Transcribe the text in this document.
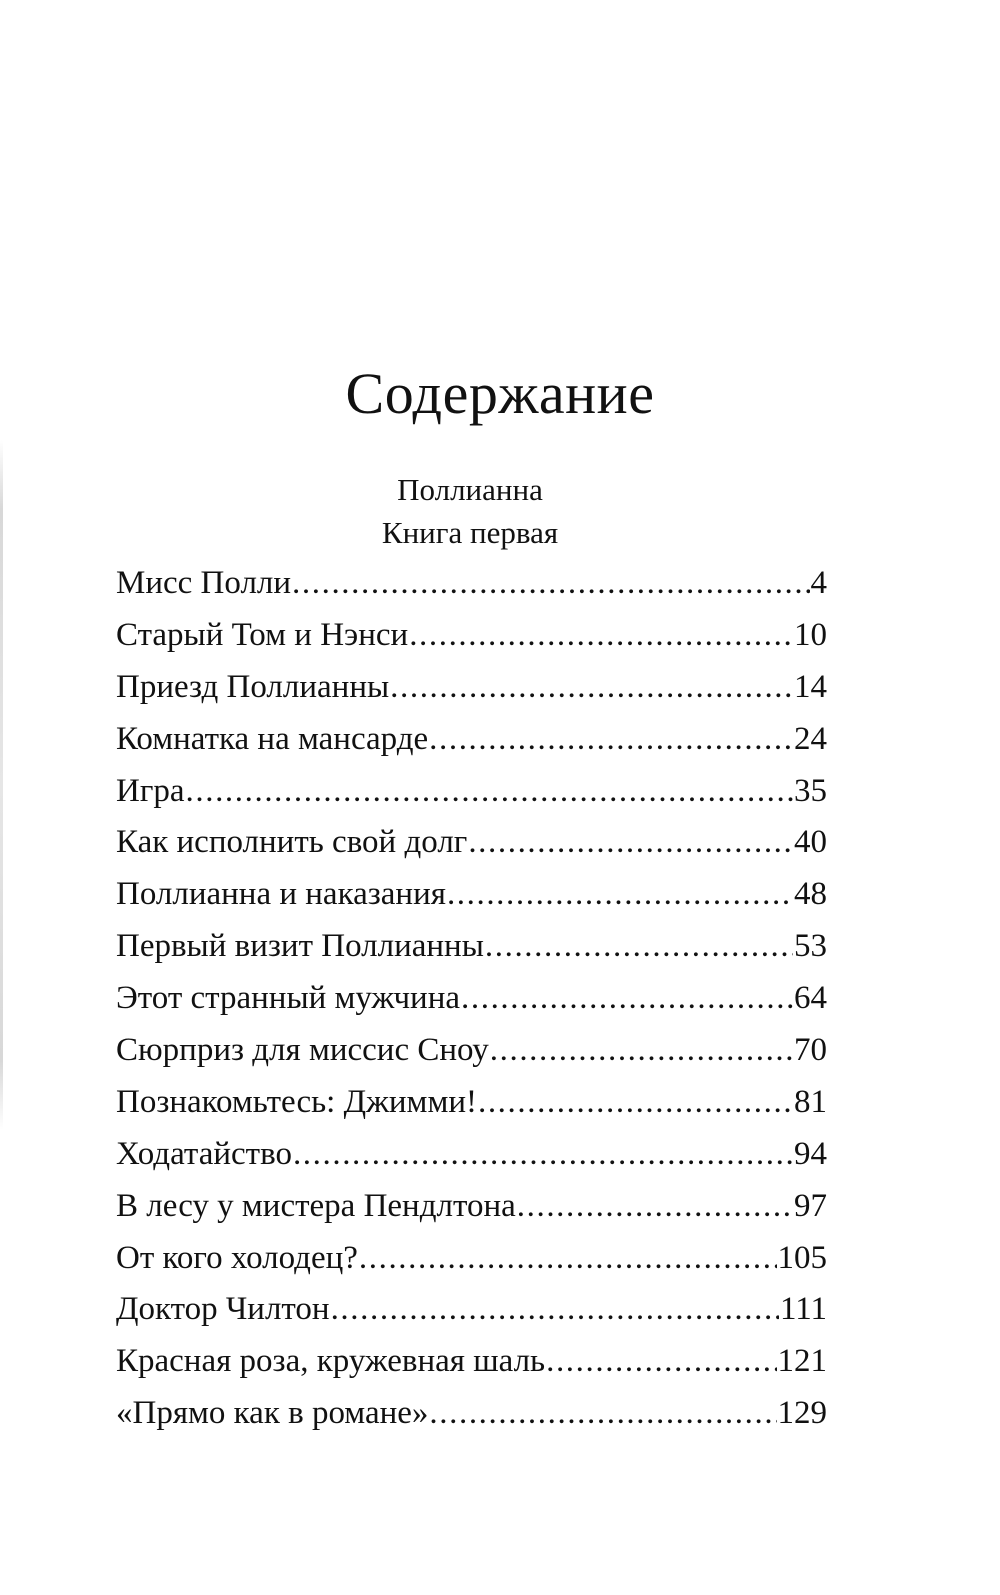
Содержание
Поллианна
Книга первая
Мисс Полли .....	4
Старый Том и Нэнси .....	10
Приезд Поллианны .....	14
Комнатка на мансарде .....	24
Игра .....	35
Как исполнить свой долг .....	40
Поллианна и наказания .....	48
Первый визит Поллианны .....	53
Этот странный мужчина .....	64
Сюрприз для миссис Сноу .....	70
Познакомьтесь: Джимми! .....	81
Ходатайство .....	94
В лесу у мистера Пендлтона .....	97
От кого холодец? .....	105
Доктор Чилтон .....	111
Красная роза, кружевная шаль .....	121
«Прямо как в романе» .....	129
